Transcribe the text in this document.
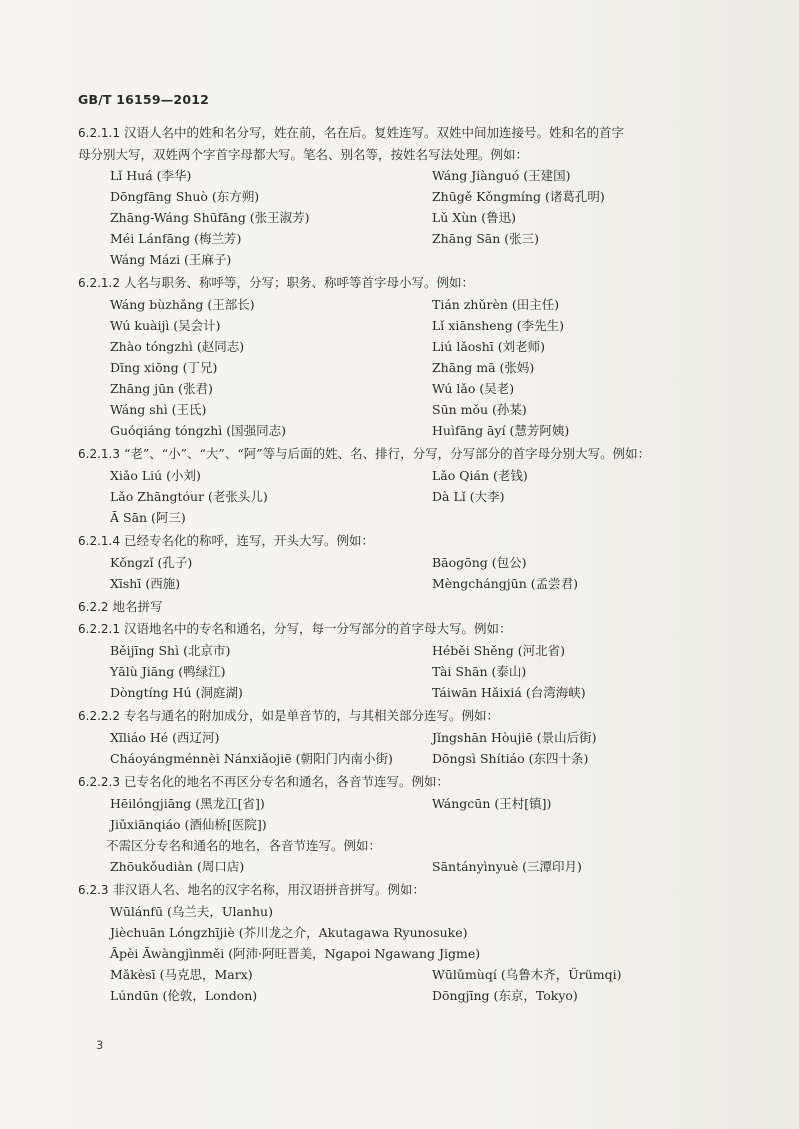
GB/T 16159—2012

6.2.1.1 汉语人名中的姓和名分写，姓在前，名在后。复姓连写。双姓中间加连接号。姓和名的首字

母分别大写，双姓两个字首字母都大写。笔名、别名等，按姓名写法处理。例如：

Lǐ Huá (李华)	Wáng Jiànguó (王建国)
Dōngfāng Shuò (东方朔)	Zhūgě Kǒngmíng (诸葛孔明)
Zhāng-Wáng Shūfāng (张王淑芳)	Lǔ Xùn (鲁迅)
Méi Lánfāng (梅兰芳)	Zhāng Sān (张三)
Wáng Mázi (王麻子)

6.2.1.2 人名与职务、称呼等，分写；职务、称呼等首字母小写。例如：

Wáng bùzhǎng (王部长)	Tián zhǔrèn (田主任)
Wú kuàijì (吴会计)	Lǐ xiānsheng (李先生)
Zhào tóngzhì (赵同志)	Liú lǎoshī (刘老师)
Dīng xiōng (丁兄)	Zhāng mā (张妈)
Zhāng jūn (张君)	Wú lǎo (吴老)
Wáng shì (王氏)	Sūn mǒu (孙某)
Guóqiáng tóngzhì (国强同志)	Huìfāng āyí (慧芳阿姨)

6.2.1.3 “老”、“小”、“大”、“阿”等与后面的姓、名、排行，分写，分写部分的首字母分别大写。例如：

Xiǎo Liú (小刘)	Lǎo Qián (老钱)
Lǎo Zhāngtóur (老张头儿)	Dà Lǐ (大李)
Ā Sān (阿三)

6.2.1.4 已经专名化的称呼，连写，开头大写。例如：

Kǒngzǐ (孔子)	Bāogōng (包公)
Xīshī (西施)	Mèngchángjūn (孟尝君)

6.2.2 地名拼写

6.2.2.1 汉语地名中的专名和通名，分写，每一分写部分的首字母大写。例如：

Běijīng Shì (北京市)	Héběi Shěng (河北省)
Yālù Jiāng (鸭绿江)	Tài Shān (泰山)
Dòngtíng Hú (洞庭湖)	Táiwān Hǎixiá (台湾海峡)

6.2.2.2 专名与通名的附加成分，如是单音节的，与其相关部分连写。例如：

Xīliáo Hé (西辽河)	Jǐngshān Hòujiē (景山后街)
Cháoyángménnèi Nánxiǎojiē (朝阳门内南小街)	Dōngsì Shítiáo (东四十条)

6.2.2.3 已专名化的地名不再区分专名和通名，各音节连写。例如：

Hēilóngjiāng (黑龙江[省])	Wángcūn (王村[镇])
Jiǔxiānqiáo (酒仙桥[医院])

不需区分专名和通名的地名，各音节连写。例如：

Zhōukǒudiàn (周口店)	Sāntányìnyuè (三潭印月)

6.2.3 非汉语人名、地名的汉字名称，用汉语拼音拼写。例如：

Wūlánfū (乌兰夫，Ulanhu)
Jièchuān Lóngzhījiè (芥川龙之介，Akutagawa Ryunosuke)
Āpèi Āwàngjìnměi (阿沛·阿旺晋美，Ngapoi Ngawang Jigme)
Mǎkèsī (马克思，Marx)	Wūlǔmùqí (乌鲁木齐，Ürümqi)
Lúndūn (伦敦，London)	Dōngjīng (东京，Tokyo)
3
